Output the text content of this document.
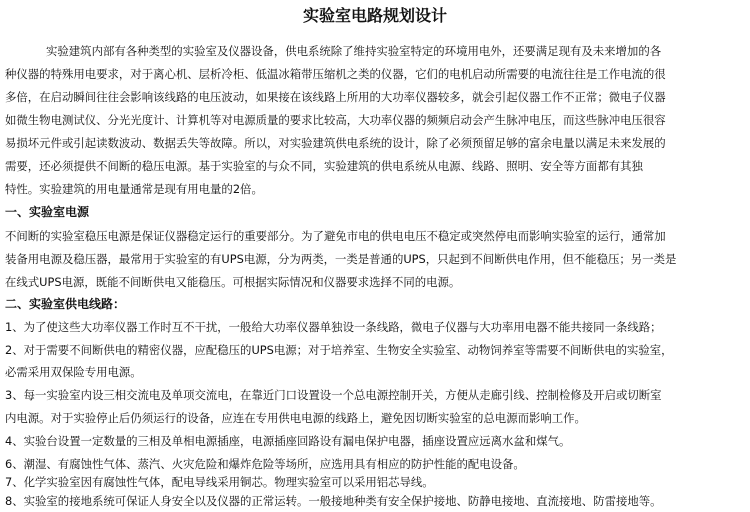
实验室电路规划设计
实验建筑内部有各种类型的实验室及仪器设备，供电系统除了维持实验室特定的环境用电外，还要满足现有及未来增加的各
种仪器的特殊用电要求，对于离心机、层析冷柜、低温冰箱带压缩机之类的仪器，它们的电机启动所需要的电流往往是工作电流的很
多倍，在启动瞬间往往会影响该线路的电压波动，如果接在该线路上所用的大功率仪器较多，就会引起仪器工作不正常；微电子仪器
如微生物电测试仪、分光光度计、计算机等对电源质量的要求比较高，大功率仪器的频频启动会产生脉冲电压，而这些脉冲电压很容
易损坏元件或引起读数波动、数据丢失等故障。所以，对实验建筑供电系统的设计，除了必须预留足够的富余电量以满足未来发展的
需要，还必须提供不间断的稳压电源。基于实验室的与众不同，实验建筑的供电系统从电源、线路、照明、安全等方面都有其独
特性。实验建筑的用电量通常是现有用电量的2倍。
一、实验室电源
不间断的实验室稳压电源是保证仪器稳定运行的重要部分。为了避免市电的供电电压不稳定或突然停电而影响实验室的运行，通常加
装备用电源及稳压器，最常用于实验室的有UPS电源，分为两类，一类是普通的UPS，只起到不间断供电作用，但不能稳压；另一类是
在线式UPS电源，既能不间断供电又能稳压。可根据实际情况和仪器要求选择不同的电源。
二、实验室供电线路：
1、为了使这些大功率仪器工作时互不干扰，一般给大功率仪器单独设一条线路，微电子仪器与大功率用电器不能共接同一条线路；
2、对于需要不间断供电的精密仪器，应配稳压的UPS电源；对于培养室、生物安全实验室、动物饲养室等需要不间断供电的实验室，
必需采用双保险专用电源。
3、每一实验室内设三相交流电及单项交流电，在靠近门口设置设一个总电源控制开关，方便从走廊引线、控制检修及开启或切断室
内电源。对于实验停止后仍须运行的设备，应连在专用供电电源的线路上，避免因切断实验室的总电源而影响工作。
4、实验台设置一定数量的三相及单相电源插座，电源插座回路设有漏电保护电器，插座设置应远离水盆和煤气。
6、潮湿、有腐蚀性气体、蒸汽、火灾危险和爆炸危险等场所，应选用具有相应的防护性能的配电设备。
7、化学实验室因有腐蚀性气体，配电导线采用铜芯。物理实验室可以采用铝芯导线。
8、实验室的接地系统可保证人身安全以及仪器的正常运转。一般接地种类有安全保护接地、防静电接地、直流接地、防雷接地等。
